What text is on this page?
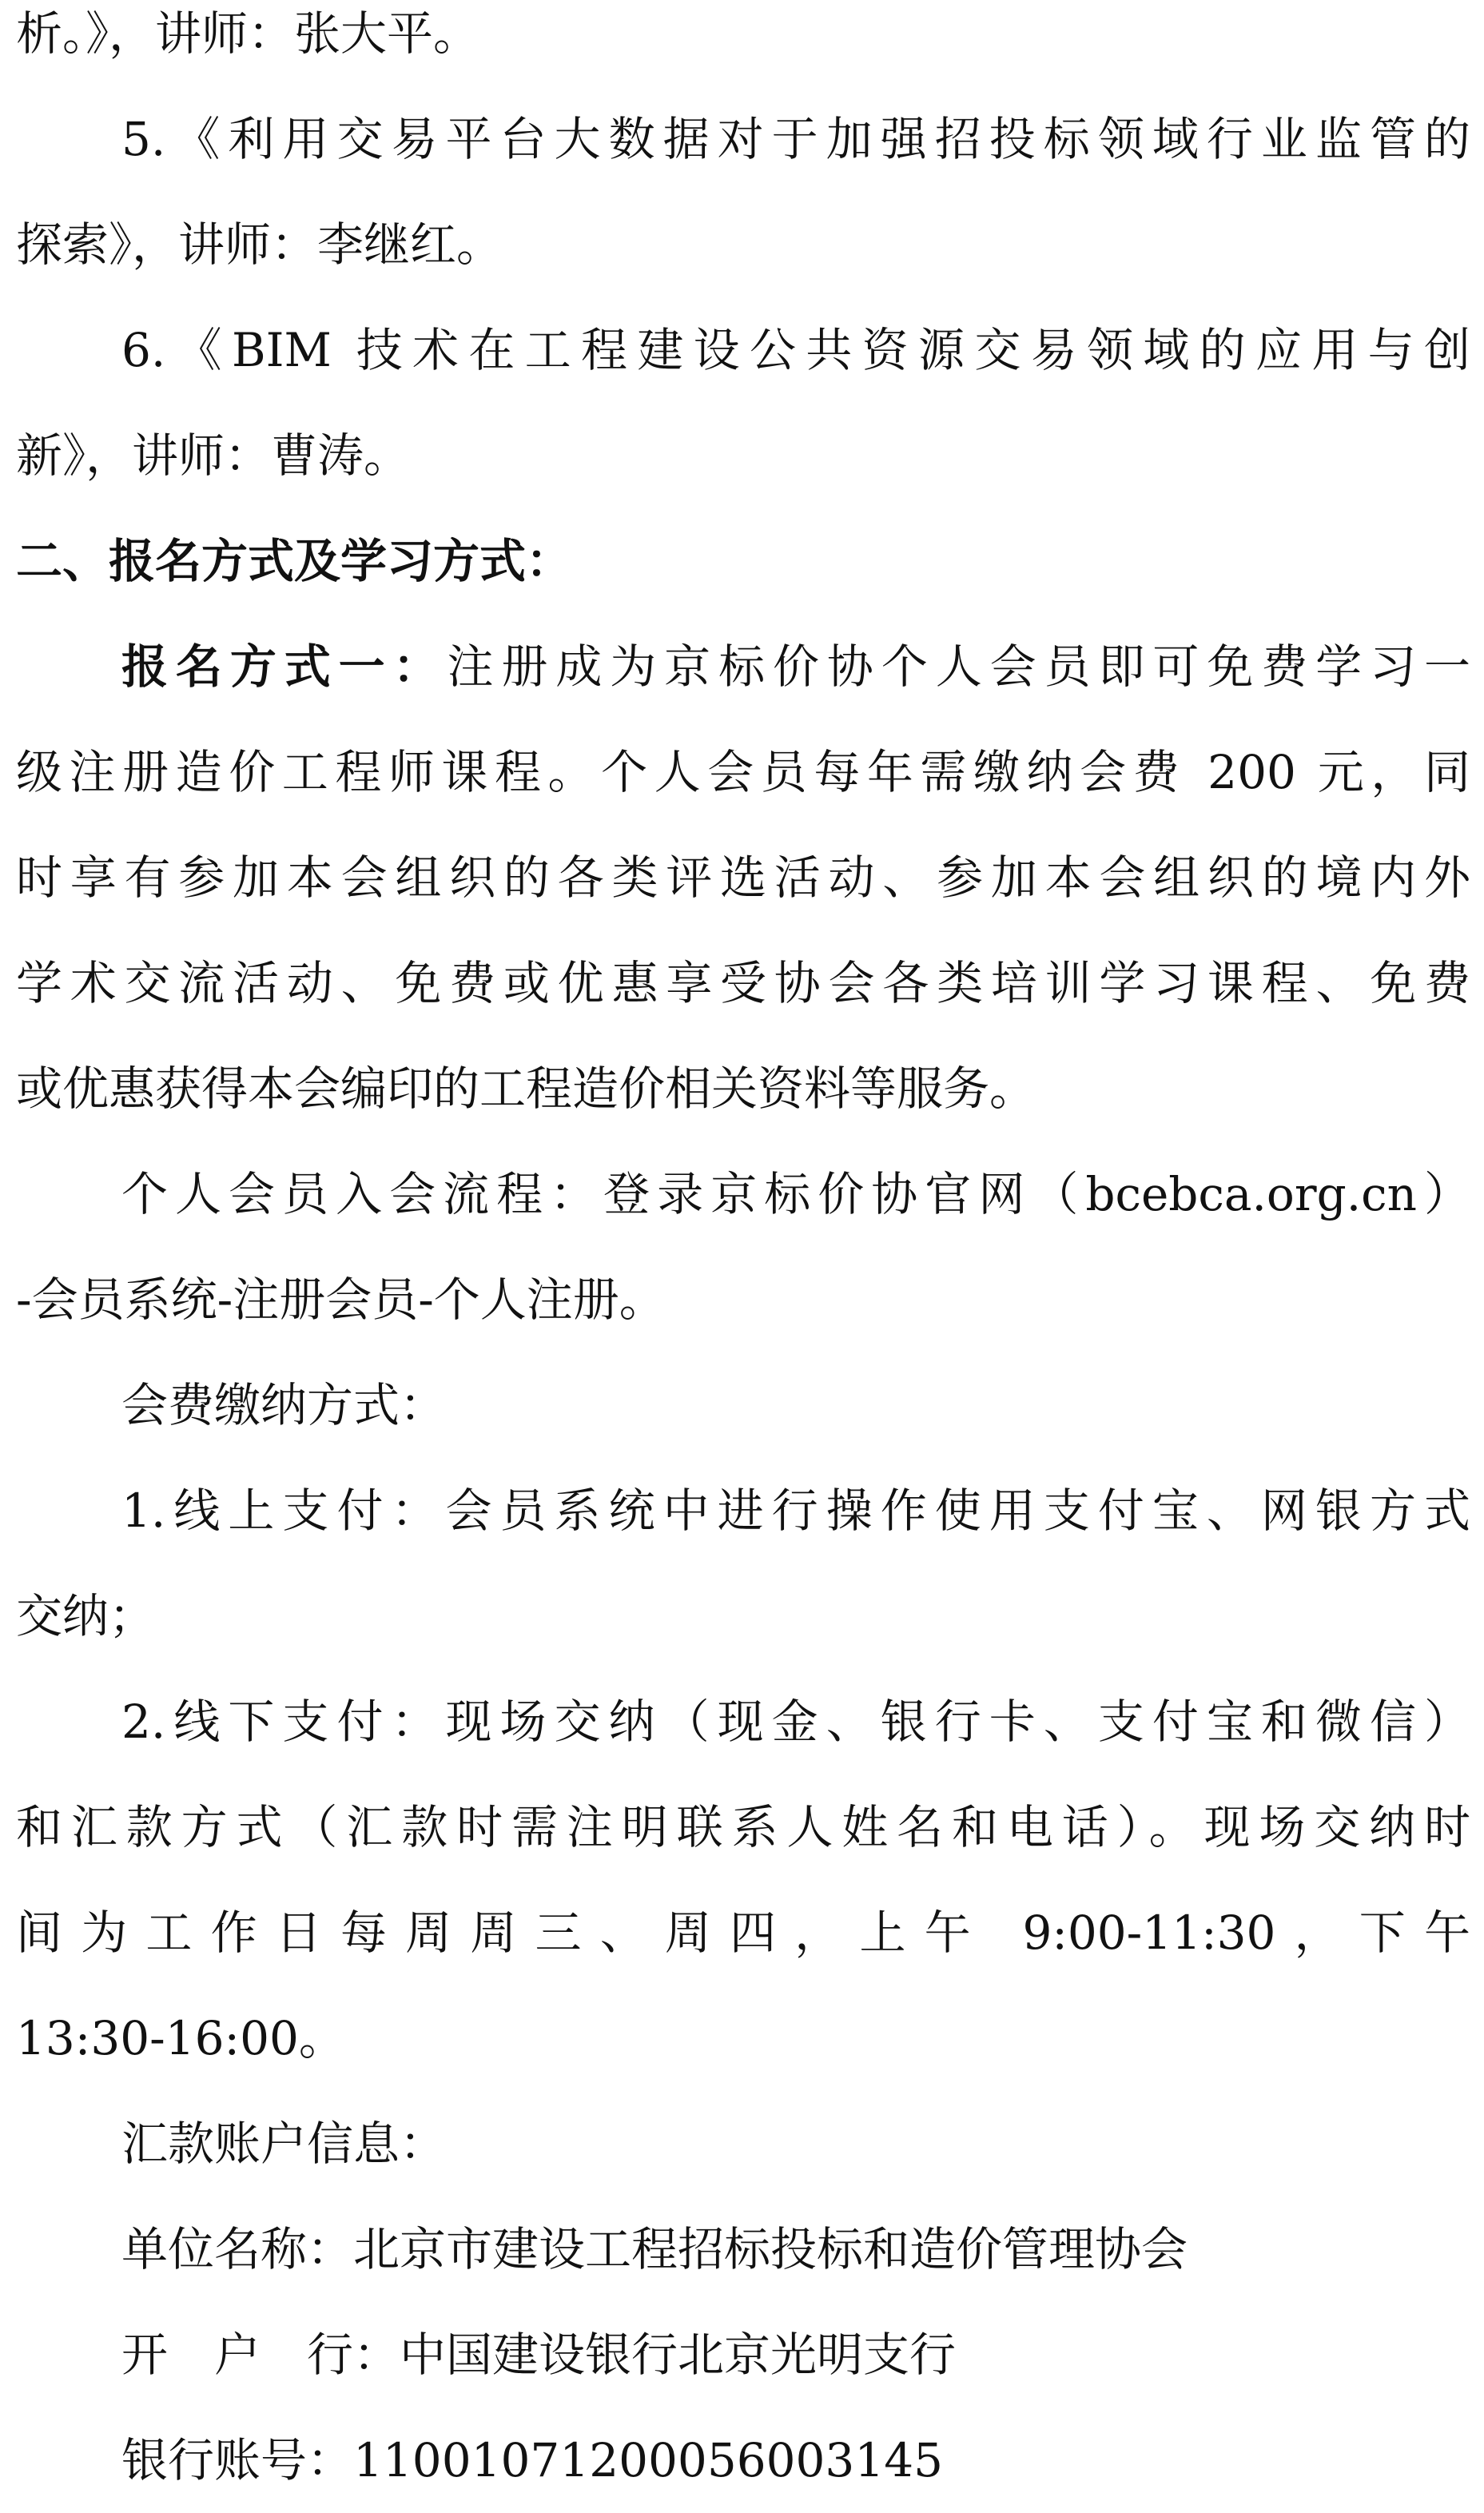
析。》，讲师：张大平。
5.《利用交易平台大数据对于加强招投标领域行业监管的
探索》，讲师：李继红。
6.《BIM 技术在工程建设公共资源交易领域的应用与创
新》，讲师：曹涛。
二、报名方式及学习方式：
报名方式一：注册成为京标价协个人会员即可免费学习一
级注册造价工程师课程。个人会员每年需缴纳会费 200 元，同
时享有参加本会组织的各类评选活动、参加本会组织的境内外
学术交流活动、免费或优惠享受协会各类培训学习课程、免费
或优惠获得本会编印的工程造价相关资料等服务。
个人会员入会流程：登录京标价协官网（bcebca.org.cn）
-会员系统-注册会员-个人注册。
会费缴纳方式：
1.线上支付：会员系统中进行操作使用支付宝、网银方式
交纳；
2.线下支付：现场交纳（现金、银行卡、支付宝和微信）
和汇款方式（汇款时需注明联系人姓名和电话）。现场交纳时
间为工作日每周周三、周四，上午 9:00-11:30，下午
13:30-16:00。
汇款账户信息：
单位名称：北京市建设工程招标投标和造价管理协会
开　户　行：中国建设银行北京光明支行
银行账号：11001071200056003145
